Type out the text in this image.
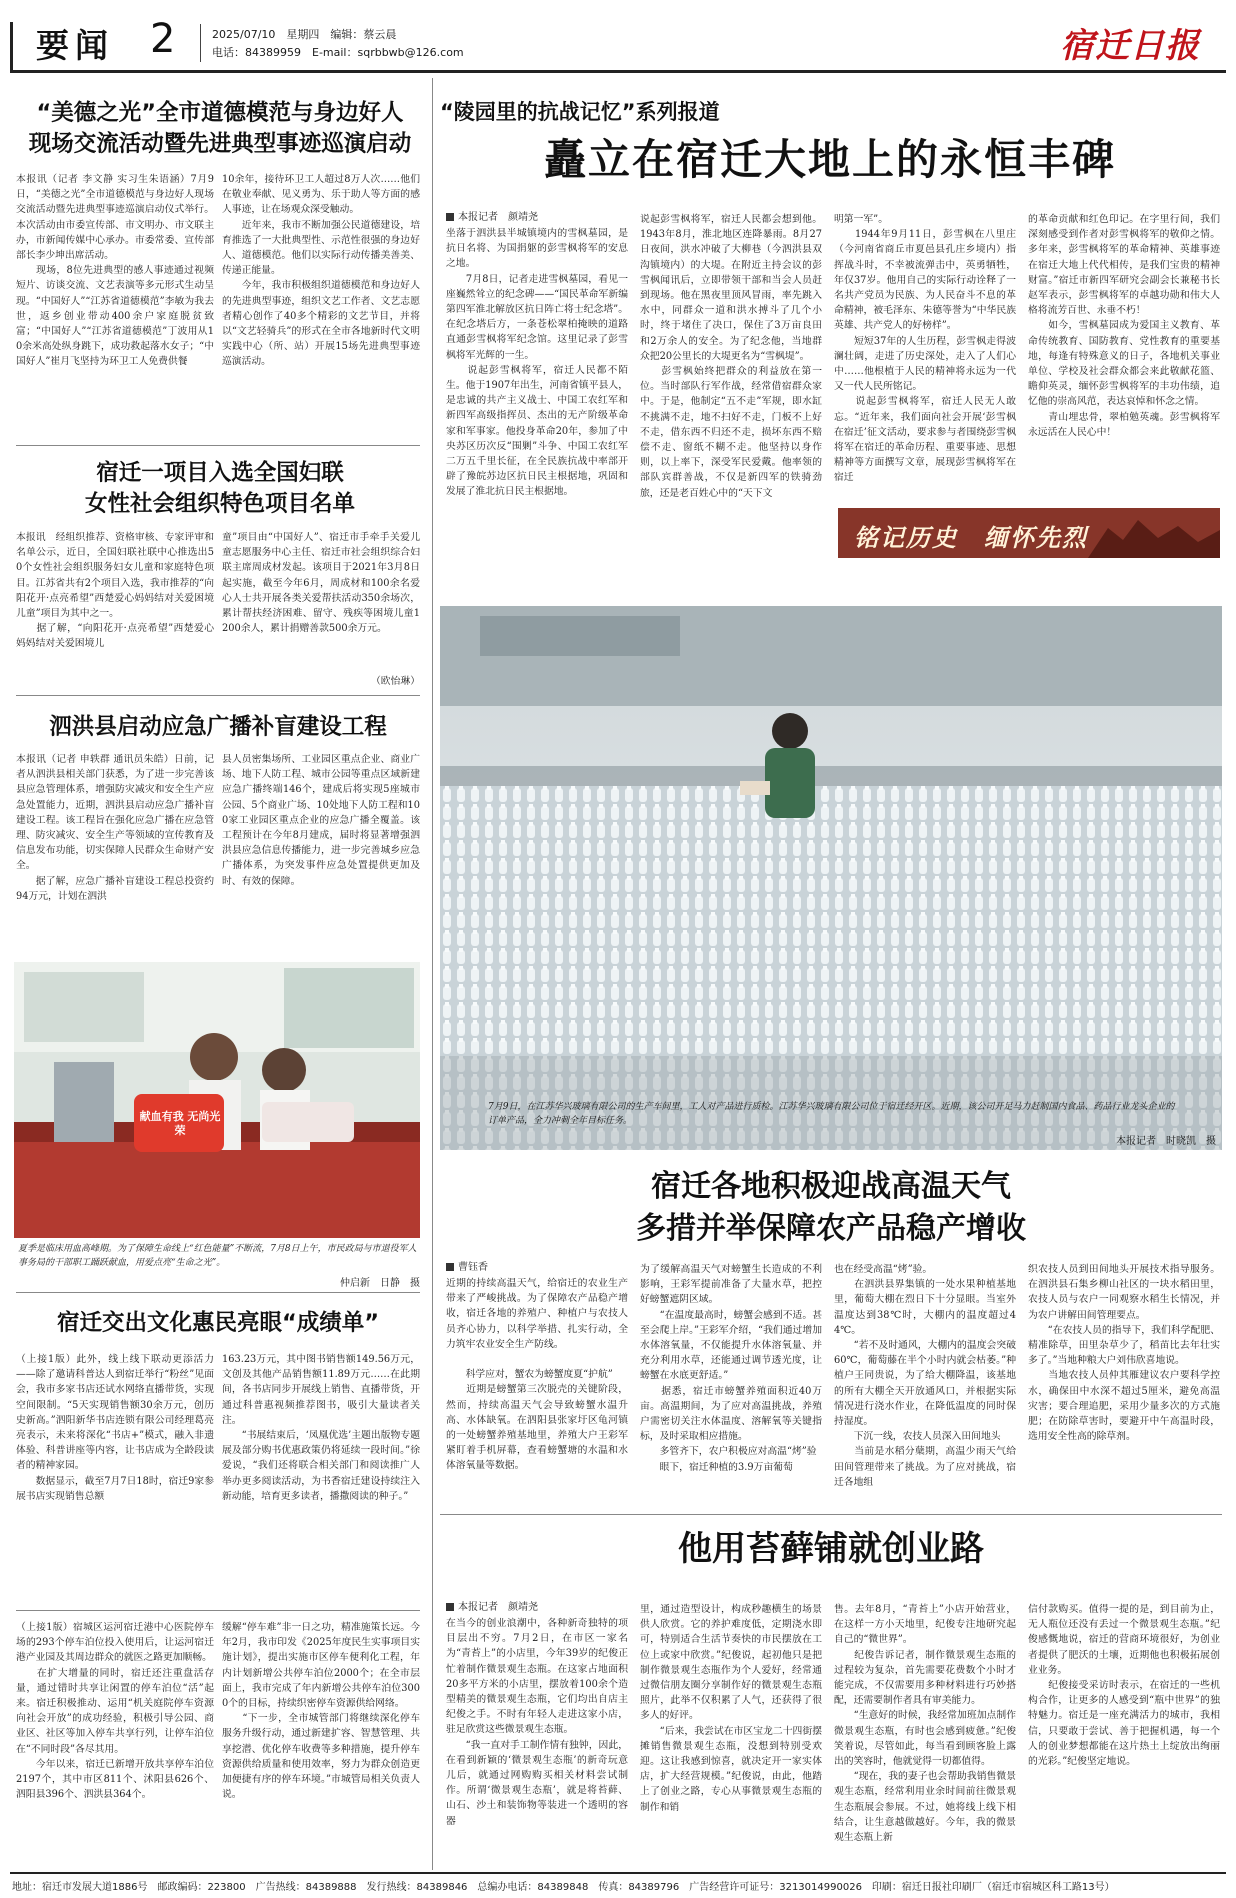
要闻 2	2025/07/10　星期四　编辑：蔡云晨
电话：84389959　E-mail：sqrbbwb@126.com	宿迁日报
“美德之光”全市道德模范与身边好人
现场交流活动暨先进典型事迹巡演启动
本报讯（记者 李文静 实习生朱语涵）7月9日，“美德之光”全市道德模范与身边好人现场交流活动暨先进典型事迹巡演启动仪式举行。本次活动由市委宣传部、市文明办、市文联主办，市新闻传媒中心承办。市委常委、宣传部部长李少坤出席活动。
　　现场，8位先进典型的感人事迹通过视频短片、访谈交流、文艺表演等多元形式生动呈现。“中国好人”“江苏省道德模范”李敏为我去世，返乡创业带动400余户家庭脱贫致富；“中国好人”“江苏省道德模范”丁波用从10余米高处纵身跳下，成功救起落水女子；“中国好人”崔月飞坚持为环卫工人免费供餐
10余年，接待环卫工人超过8万人次……他们在敬业奉献、见义勇为、乐于助人等方面的感人事迹，让在场观众深受触动。
　　近年来，我市不断加强公民道德建设，培育推选了一大批典型性、示范性很强的身边好人、道德模范。他们以实际行动传播美善美、传递正能量。
　　今年，我市积极组织道德模范和身边好人的先进典型事迹，组织文艺工作者、文艺志愿者精心创作了40多个精彩的文艺节目，并将以“文艺轻骑兵”的形式在全市各地新时代文明实践中心（所、站）开展15场先进典型事迹巡演活动。
宿迁一项目入选全国妇联
女性社会组织特色项目名单
本报讯　经组织推荐、资格审核、专家评审和名单公示，近日，全国妇联社联中心推选出50个女性社会组织服务妇女儿童和家庭特色项目。江苏省共有2个项目入选，我市推荐的“向阳花开·点亮希望”西楚爱心妈妈结对关爱困境儿童”项目为其中之一。
　　据了解，“向阳花开·点亮希望”西楚爱心妈妈结对关爱困境儿
童”项目由“中国好人”、宿迁市手牵手关爱儿童志愿服务中心主任、宿迁市社会组织综合妇联主席周成材发起。该项目于2021年3月8日起实施，截至今年6月，周成材和100余名爱心人士共开展各类关爱帮扶活动350余场次，累计帮扶经济困难、留守、残疾等困境儿童1200余人，累计捐赠善款500余万元。
（欧怡琳）
泗洪县启动应急广播补盲建设工程
本报讯（记者 申轶群 通讯员朱皓）日前，记者从泗洪县相关部门获悉，为了进一步完善该县应急管理体系，增强防灾减灾和安全生产应急处置能力，近期，泗洪县启动应急广播补盲建设工程。该工程旨在强化应急广播在应急管理、防灾减灾、安全生产等领域的宣传教育及信息发布功能，切实保障人民群众生命财产安全。
　　据了解，应急广播补盲建设工程总投资约94万元，计划在泗洪
县人员密集场所、工业园区重点企业、商业广场、地下人防工程、城市公园等重点区域新建应急广播终端146个，建成后将实现5座城市公园、5个商业广场、10处地下人防工程和100家工业园区重点企业的应急广播全覆盖。该工程预计在今年8月建成，届时将显著增强泗洪县应急信息传播能力，进一步完善城乡应急广播体系，为突发事件应急处置提供更加及时、有效的保障。
献血有我 无尚光荣
夏季是临床用血高峰期。为了保障生命线上“红色能量”不断流，7月8日上午，市民政局与市退役军人事务局的干部职工踊跃献血，用爱点亮“生命之光”。
仲启新　日静　摄
宿迁交出文化惠民亮眼“成绩单”
（上接1版）此外，线上线下联动更添活力——除了邀请科普达人到宿迁举行“粉丝”见面会，我市多家书店还试水网络直播带货，实现空间限制。“5天实现销售额30余万元，创历史新高。”泗阳新华书店连锁有限公司经理葛亮亮表示，未来将深化“书店+”模式，融入非遗体验、科普讲座等内容，让书店成为全龄段读者的精神家园。
　　数据显示，截至7月7日18时，宿迁9家参展书店实现销售总额
163.23万元，其中图书销售额149.56万元，文创及其他产品销售额11.89万元……在此期间，各书店同步开展线上销售、直播带货，开通过科普惠视频推荐图书，吸引大量读者关注。
　　“书展结束后，‘凤凰优选’主题出版物专题展及部分购书优惠政策仍将延续一段时间。”徐爱说，“我们还将联合相关部门和阅读推广人举办更多阅读活动，为书香宿迁建设持续注入新动能，培育更多读者，播撒阅读的种子。”
（上接1版）宿城区运河宿迁港中心医院停车场的293个停车泊位投入使用后，让运河宿迁港产业园及其周边群众的就医之路更加顺畅。
　　在扩大增量的同时，宿迁还注重盘活存量，通过错时共享让闲置的停车泊位“活”起来。宿迁积极推动、运用“机关庭院停车资源向社会开放”的成功经验，积极引导公园、商业区、社区等加入停车共享行列，让停车泊位在“不同时段”各尽其用。
　　今年以来，宿迁已新增开放共享停车泊位2197个，其中市区811个、沭阳县626个、泗阳县396个、泗洪县364个。
缓解“停车难”非一日之功，精准施策长远。今年2月，我市印发《2025年度民生实事项目实施计划》，提出实施市区停车便利化工程，年内计划新增公共停车泊位2000个；在全市层面上，我市完成了年内新增公共停车泊位3000个的目标，持续织密停车资源供给网络。
　　“下一步，全市城管部门将继续深化停车服务升级行动，通过新建扩容、智慧管理、共享挖潜、优化停车收费等多种措施，提升停车资源供给质量和使用效率，努力为群众创造更加便捷有序的停车环境。”市城管局相关负责人说。
“陵园里的抗战记忆”系列报道
矗立在宿迁大地上的永恒丰碑
本报记者　颜靖尧
坐落于泗洪县半城镇境内的雪枫墓园，是抗日名将、为国捐躯的彭雪枫将军的安息之地。
　　7月8日，记者走进雪枫墓园，看见一座巍然耸立的纪念碑——“国民革命军新编第四军淮北解放区抗日阵亡将士纪念塔”。在纪念塔后方，一条苍松翠柏掩映的道路直通彭雪枫将军纪念馆。这里记录了彭雪枫将军光辉的一生。
　　说起彭雪枫将军，宿迁人民都不陌生。他于1907年出生，河南省镇平县人，是忠诚的共产主义战士、中国工农红军和新四军高级指挥员、杰出的无产阶级革命家和军事家。他投身革命20年，参加了中央苏区历次反“围剿”斗争、中国工农红军二万五千里长征，在全民族抗战中率部开辟了豫皖苏边区抗日民主根据地，巩固和发展了淮北抗日民主根据地。
说起彭雪枫将军，宿迁人民都会想到他。1943年8月，淮北地区连降暴雨。8月27日夜间，洪水冲破了大柳巷（今泗洪县双沟镇境内）的大堤。在附近主持会议的彭雪枫闻讯后，立即带领干部和当会人员赶到现场。他在黑夜里顶风冒雨，率先跳入水中，同群众一道和洪水搏斗了几个小时，终于堵住了决口，保住了3万亩良田和2万余人的安全。为了纪念他，当地群众把20公里长的大堤更名为“雪枫堤”。
　　彭雪枫始终把群众的利益放在第一位。当时部队行军作战，经常借宿群众家中。于是，他制定“五不走”军规，即水缸不挑满不走，地不扫好不走，门板不上好不走，借东西不归还不走，损坏东西不赔偿不走、窗纸不糊不走。他坚持以身作则，以上率下，深受军民爱戴。他率领的部队宾群善战，不仅是新四军的铁骑劲旅，还是老百姓心中的“天下文
明第一军”。
　　1944年9月11日，彭雪枫在八里庄（今河南省商丘市夏邑县孔庄乡境内）指挥战斗时，不幸被流弹击中，英勇牺牲，年仅37岁。他用自己的实际行动诠释了一名共产党员为民族、为人民奋斗不息的革命精神，被毛泽东、朱德等誉为“中华民族英雄、共产党人的好榜样”。
　　短短37年的人生历程，彭雪枫走得波澜壮阔，走进了历史深处，走入了人们心中……他根植于人民的精神将永远为一代又一代人民所铭记。
　　说起彭雪枫将军，宿迁人民无人敢忘。“近年来，我们面向社会开展‘彭雪枫在宿迁’征文活动，要求参与者围绕彭雪枫将军在宿迁的革命历程、重要事迹、思想精神等方面撰写文章，展现彭雪枫将军在宿迁
的革命贡献和红色印记。在字里行间，我们深刻感受到作者对彭雪枫将军的敬仰之情。多年来，彭雪枫将军的革命精神、英雄事迹在宿迁大地上代代相传，是我们宝贵的精神财富。”宿迁市新四军研究会副会长兼秘书长赵军表示，彭雪枫将军的卓越功勋和伟大人格将流芳百世、永垂不朽！
　　如今，雪枫墓园成为爱国主义教育、革命传统教育、国防教育、党性教育的重要基地，每逢有特殊意义的日子，各地机关事业单位、学校及社会群众都会来此敬献花篮、瞻仰英灵，缅怀彭雪枫将军的丰功伟绩，追忆他的崇高风范，表达哀悼和怀念之情。
　　青山埋忠骨，翠柏勉英魂。彭雪枫将军永远活在人民心中！
铭记历史　缅怀先烈
7月9日，在江苏华兴玻璃有限公司的生产车间里，工人对产品进行质检。江苏华兴玻璃有限公司位于宿迁经开区。近期，该公司开足马力赶制国内食品、药品行业龙头企业的订单产品，全力冲刺全年目标任务。
本报记者　时晓凯　摄
宿迁各地积极迎战高温天气
多措并举保障农产品稳产增收
曹钰香
近期的持续高温天气，给宿迁的农业生产带来了严峻挑战。为了保障农产品稳产增收，宿迁各地的养殖户、种植户与农技人员齐心协力，以科学举措、扎实行动，全力筑牢农业安全生产防线。

　　科学应对，蟹农为螃蟹度夏“护航”
　　近期是螃蟹第三次脱壳的关键阶段，然而，持续高温天气会导致螃蟹水温升高、水体缺氧。在泗阳县张家圩区龟河镇的一处螃蟹养殖基地里，养殖大户王彩军紧盯着手机屏幕，查看螃蟹塘的水温和水体溶氧量等数据。
为了缓解高温天气对螃蟹生长造成的不利影响，王彩军提前准备了大量水草，把控好螃蟹遮阴区域。
　　“在温度最高时，螃蟹会感到不适。甚至会爬上岸。”王彩军介绍，“我们通过增加水体溶氧量，不仅能提升水体溶氧量、并充分利用水草，还能通过调节透光度，让螃蟹在水底更舒适。”
　　据悉，宿迁市螃蟹养殖面积近40万亩。高温期间，为了应对高温挑战，养殖户需密切关注水体温度、溶解氧等关键指标，及时采取相应措施。
　　多管齐下，农户积极应对高温“烤”验
　　眼下，宿迁种植的3.9万亩葡萄
也在经受高温“烤”验。
　　在泗洪县界集镇的一处水果种植基地里，葡萄大棚在烈日下十分显眼。当室外温度达到38℃时，大棚内的温度超过44℃。
　　“若不及时通风，大棚内的温度会突破60℃，葡萄藤在半个小时内就会枯萎。”种植户王同贵说，为了给大棚降温，该基地的所有大棚全天开放通风口，并根据实际情况进行浇水作业，在降低温度的同时保持湿度。
　　下沉一线，农技人员深入田间地头
　　当前是水稻分蘖期，高温少雨天气给田间管理带来了挑战。为了应对挑战，宿迁各地组
织农技人员到田间地头开展技术指导服务。在泗洪县石集乡柳山社区的一块水稻田里，农技人员与农户一同观察水稻生长情况，并为农户讲解田间管理要点。
　　“在农技人员的指导下，我们科学配肥、精准除草，田里杂草少了，稻苗比去年壮实多了。”当地种粮大户刘伟欣喜地说。
　　当地农技人员仲其雁建议农户要科学控水，确保田中水深不超过5厘米，避免高温灾害；要合理追肥，采用少量多次的方式施肥；在防除草害时，要避开中午高温时段，选用安全性高的除草剂。
他用苔藓铺就创业路
本报记者　颜靖尧
在当今的创业浪潮中，各种新奇独特的项目层出不穷。7月2日，在市区一家名为“青苔上”的小店里，今年39岁的纪俊正忙着制作微景观生态瓶。在这家占地面积20多平方米的小店里，摆放着100余个造型精美的微景观生态瓶，它们均出自店主纪俊之手。不时有年轻人走进这家小店，驻足欣赏这些微景观生态瓶。
　　“我一直对手工制作情有独钟，因此，在看到新颖的‘微景观生态瓶’的新奇玩意儿后，就通过网购购买相关材料尝试制作。所谓‘微景观生态瓶’，就是将苔藓、山石、沙土和装饰物等装进一个透明的容器
里，通过造型设计，构成秒趣横生的场景供人欣赏。它的养护难度低，定期浇水即可，特别适合生活节奏快的市民摆放在工位上或家中欣赏。”纪俊说，起初他只是把制作微景观生态瓶作为个人爱好，经常通过微信朋友圈分享制作好的微景观生态瓶照片，此举不仅积累了人气，还获得了很多人的好评。
　　“后来，我尝试在市区宝龙二十四街摆摊销售微景观生态瓶，没想到特别受欢迎。这让我感到惊喜，就决定开一家实体店，扩大经营规模。”纪俊说，由此，他踏上了创业之路，专心从事微景观生态瓶的制作和销
售。去年8月，“青苔上”小店开始营业，在这样一方小天地里，纪俊专注地研究起自己的“微世界”。
　　纪俊告诉记者，制作微景观生态瓶的过程较为复杂，首先需要花费数个小时才能完成，不仅需要用多种材料进行巧妙搭配，还需要制作者具有审美能力。
　　“生意好的时候，我经常加班加点制作微景观生态瓶，有时也会感到疲惫。”纪俊笑着说，尽管如此，每当看到顾客脸上露出的笑容时，他就觉得一切都值得。
　　“现在，我的妻子也会帮助我销售微景观生态瓶，经常利用业余时间前往微景观生态瓶展会参展。不过，她将线上线下相结合，让生意越做越好。今年，我的微景观生态瓶上新
信付款购买。值得一提的是，到目前为止，无人瓶位还没有丢过一个微景观生态瓶。”纪俊感慨地说，宿迁的营商环境很好，为创业者提供了肥沃的土壤，近期他也积极拓展创业业务。
　　纪俊接受采访时表示，在宿迁的一些机构合作，让更多的人感受到“瓶中世界”的独特魅力。宿迁是一座充满活力的城市，我相信，只要敢于尝试、善于把握机遇，每一个人的创业梦想都能在这片热土上绽放出绚丽的光彩。”纪俊坚定地说。
地址：宿迁市发展大道1886号　邮政编码：223800　广告热线：84389888　发行热线：84389846　总编办电话：84389848　传真：84389796　广告经营许可证号：3213014990026　印刷：宿迁日报社印刷厂（宿迁市宿城区科工路13号）
